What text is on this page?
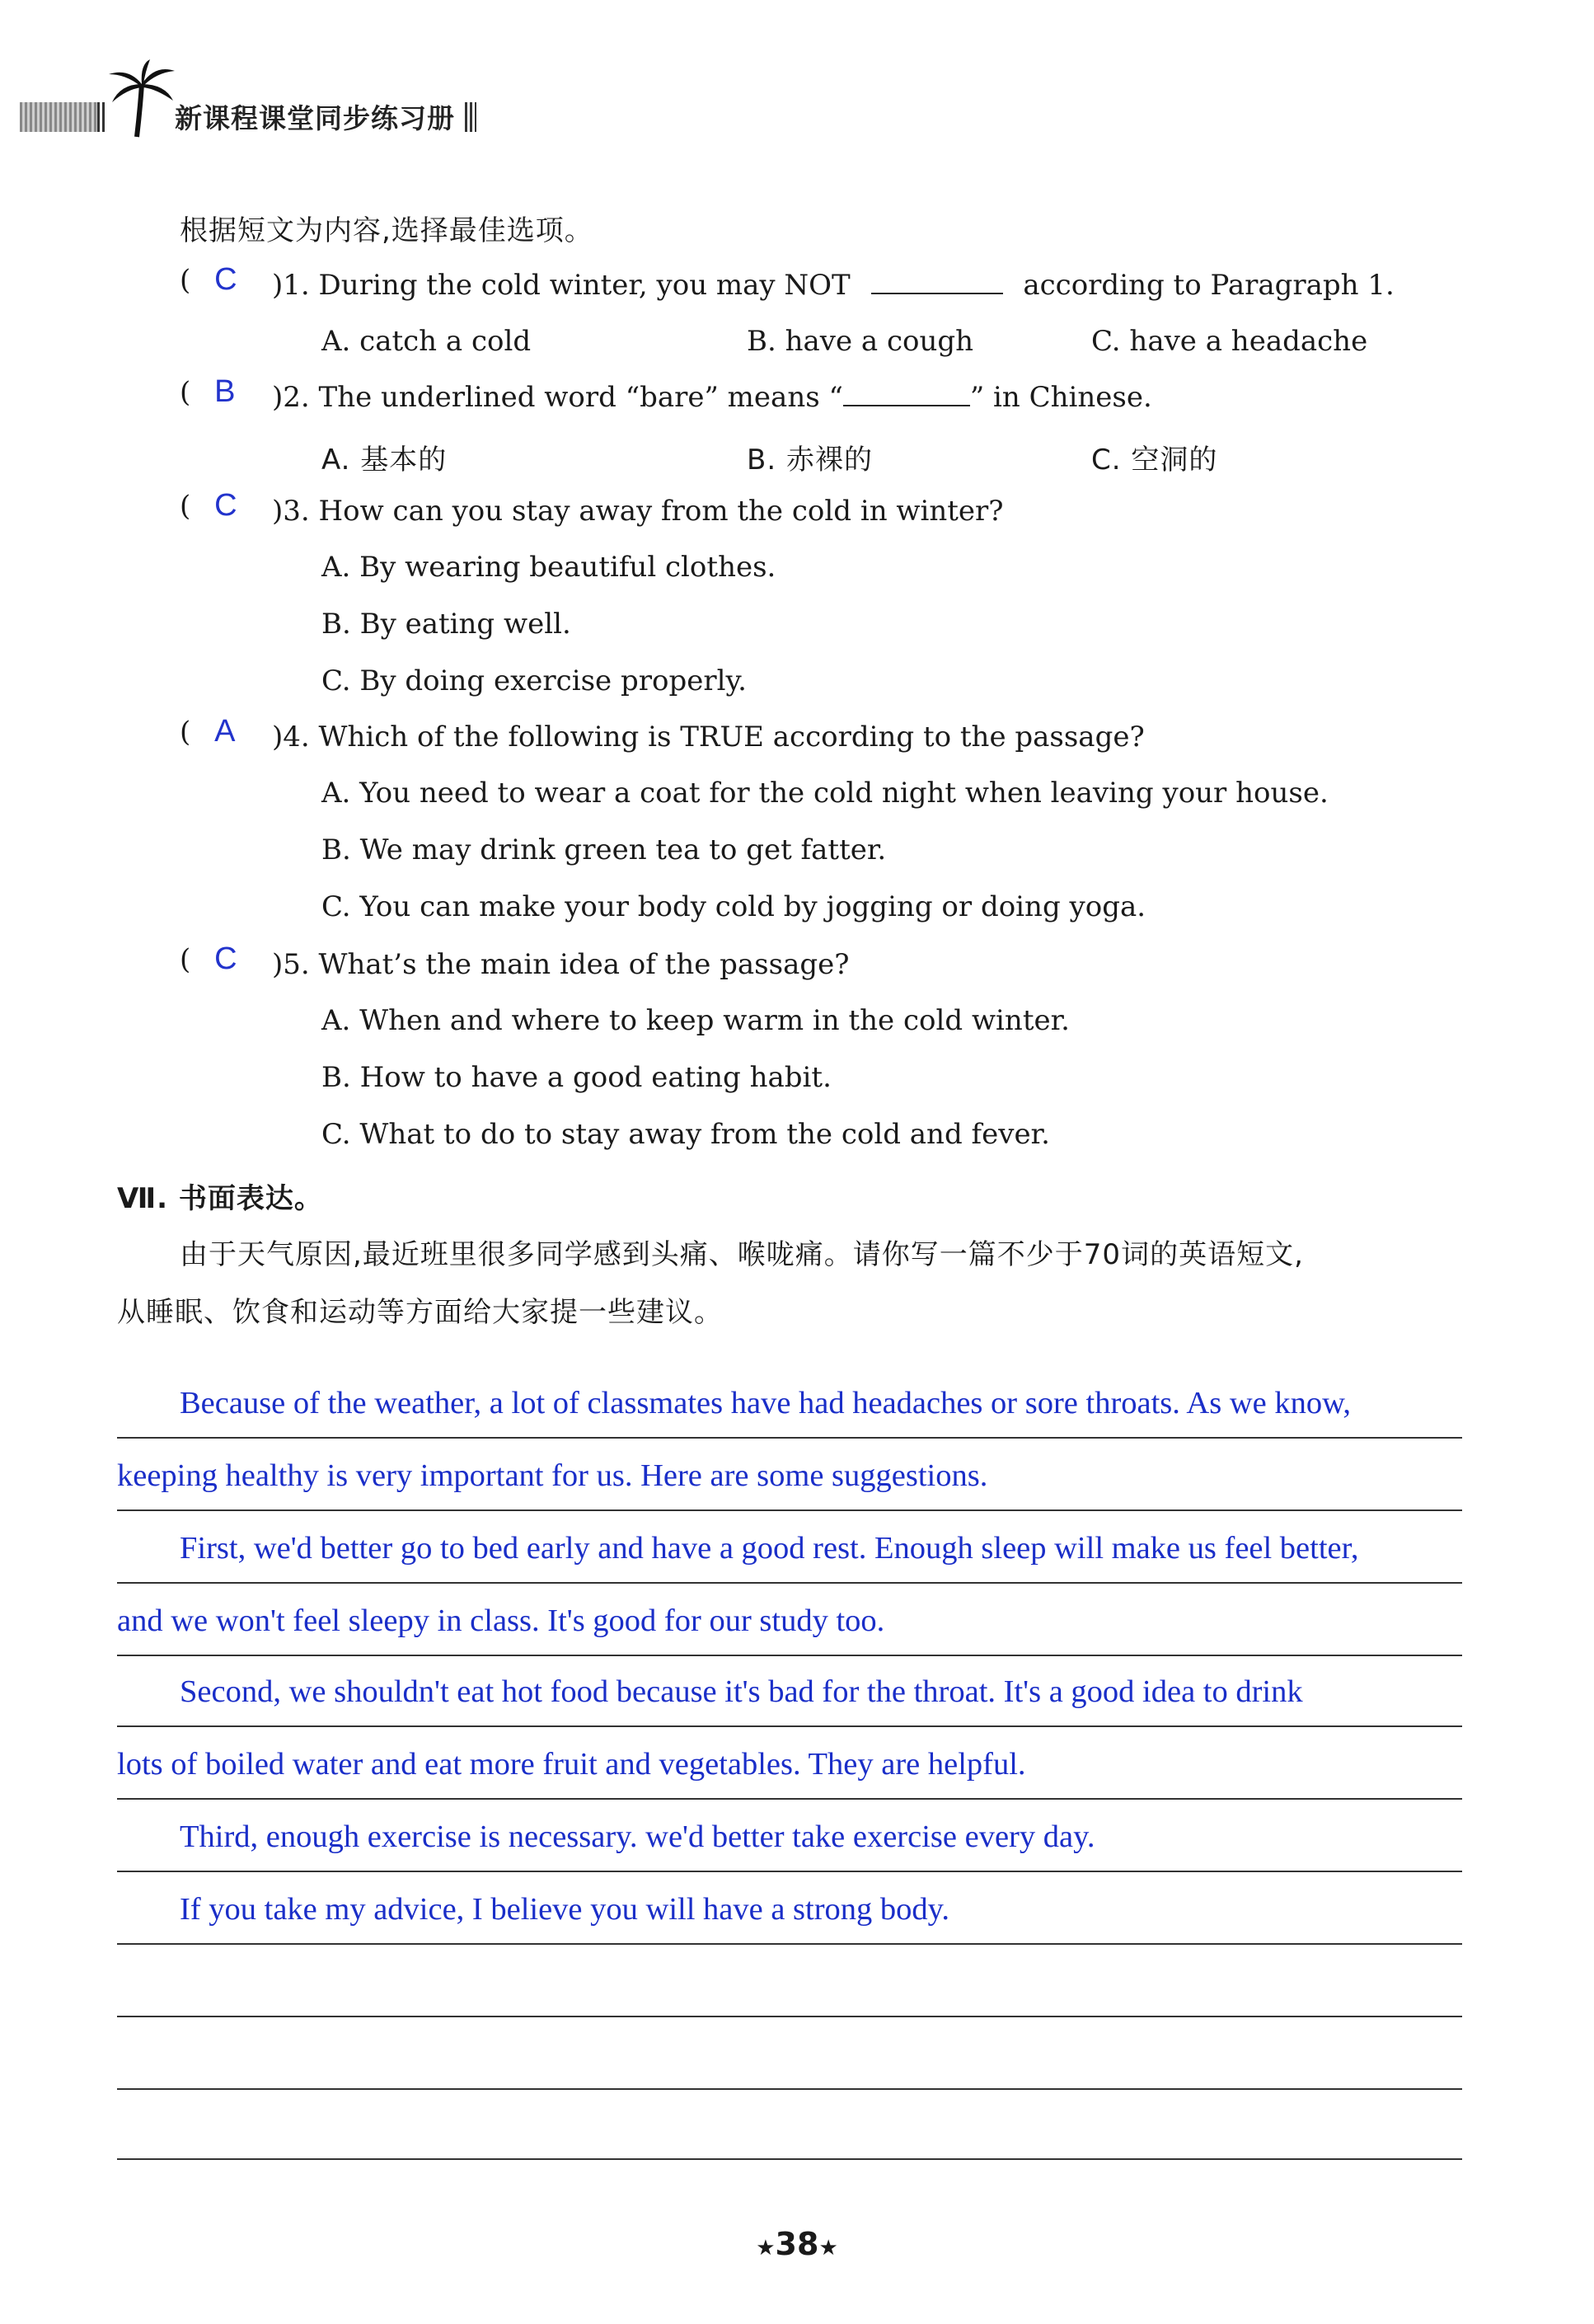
新课程课堂同步练习册
根据短文为内容,选择最佳选项。
( C )1. During the cold winter, you may NOT	according to Paragraph 1.
A. catch a cold	B. have a cough	C. have a headache
( B )2. The underlined word “bare” means “	” in Chinese.
A. 基本的	B. 赤裸的	C. 空洞的
( C )3. How can you stay away from the cold in winter?
A. By wearing beautiful clothes.
B. By eating well.
C. By doing exercise properly.
( A )4. Which of the following is TRUE according to the passage?
A. You need to wear a coat for the cold night when leaving your house.
B. We may drink green tea to get fatter.
C. You can make your body cold by jogging or doing yoga.
( C )5. What’s the main idea of the passage?
A. When and where to keep warm in the cold winter.
B. How to have a good eating habit.
C. What to do to stay away from the cold and fever.
Ⅶ. 书面表达。
由于天气原因,最近班里很多同学感到头痛、喉咙痛。请你写一篇不少于70词的英语短文,
从睡眠、饮食和运动等方面给大家提一些建议。
Because of the weather, a lot of classmates have had headaches or sore throats. As we know,
keeping healthy is very important for us. Here are some suggestions.
First, we'd better go to bed early and have a good rest. Enough sleep will make us feel better,
and we won't feel sleepy in class. It's good for our study too.
Second, we shouldn't eat hot food because it's bad for the throat. It's a good idea to drink
lots of boiled water and eat more fruit and vegetables. They are helpful.
Third, enough exercise is necessary. we'd better take exercise every day.
If you take my advice, I believe you will have a strong body.
★38★
